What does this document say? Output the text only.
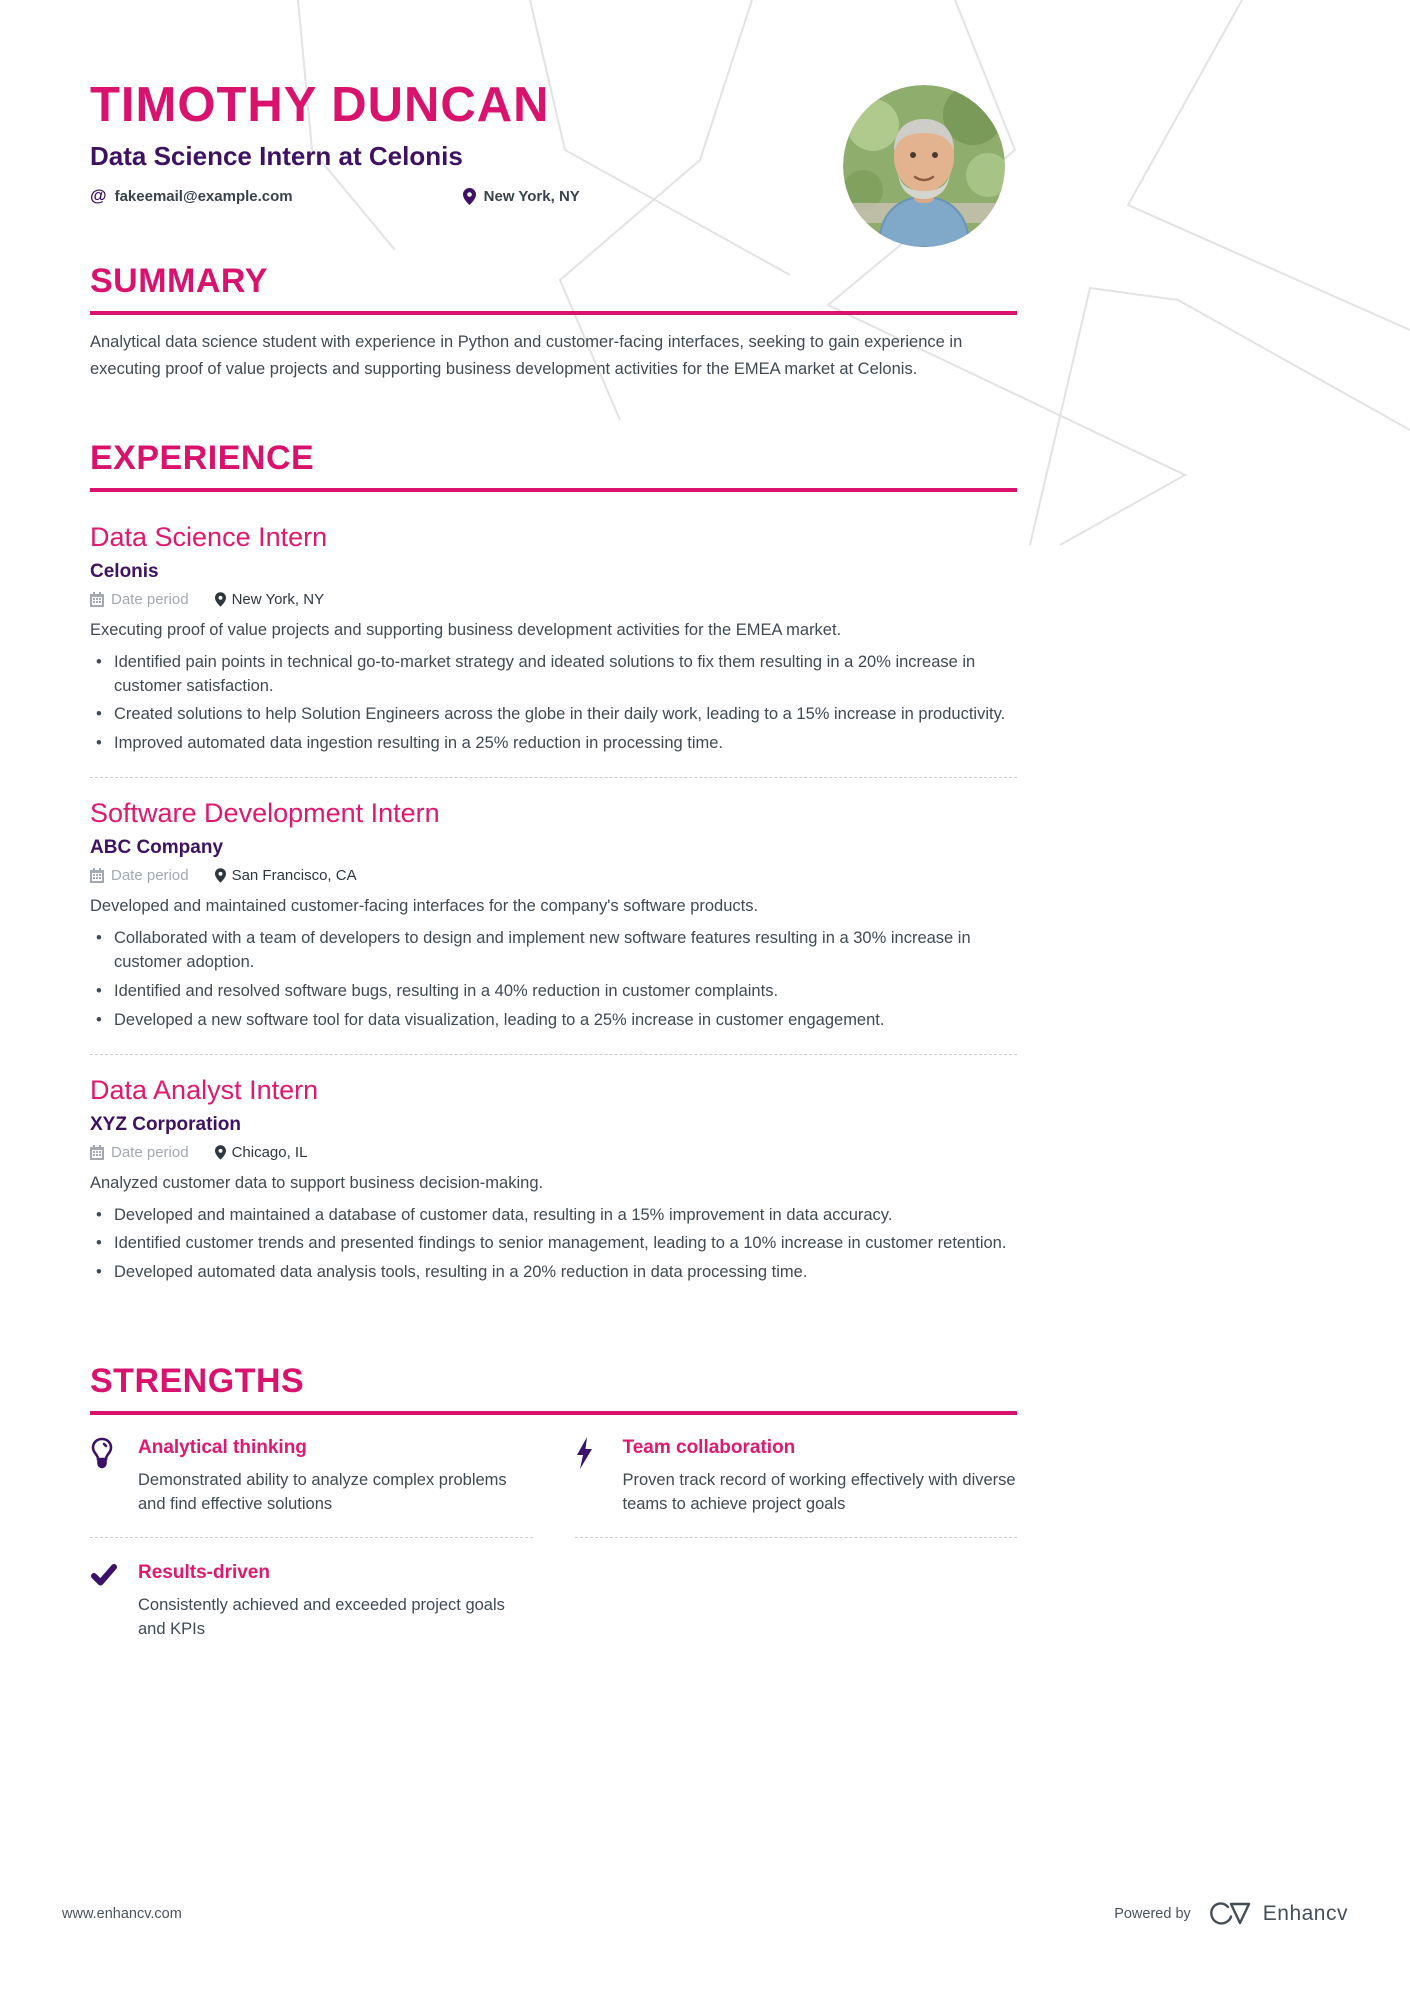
TIMOTHY DUNCAN
Data Science Intern at Celonis
@ fakeemail@example.com	New York, NY
SUMMARY

Analytical data science student with experience in Python and customer-facing interfaces, seeking to gain experience in executing proof of value projects and supporting business development activities for the EMEA market at Celonis.

EXPERIENCE
Data Science Intern
Celonis
Date period	New York, NY

Executing proof of value projects and supporting business development activities for the EMEA market.

• Identified pain points in technical go-to-market strategy and ideated solutions to fix them resulting in a 20% increase in customer satisfaction.
• Created solutions to help Solution Engineers across the globe in their daily work, leading to a 15% increase in productivity.
• Improved automated data ingestion resulting in a 25% reduction in processing time.
Software Development Intern
ABC Company
Date period	San Francisco, CA

Developed and maintained customer-facing interfaces for the company's software products.

• Collaborated with a team of developers to design and implement new software features resulting in a 30% increase in customer adoption.
• Identified and resolved software bugs, resulting in a 40% reduction in customer complaints.
• Developed a new software tool for data visualization, leading to a 25% increase in customer engagement.
Data Analyst Intern
XYZ Corporation
Date period	Chicago, IL

Analyzed customer data to support business decision-making.

• Developed and maintained a database of customer data, resulting in a 15% improvement in data accuracy.
• Identified customer trends and presented findings to senior management, leading to a 10% increase in customer retention.
• Developed automated data analysis tools, resulting in a 20% reduction in data processing time.
STRENGTHS
Analytical thinking
Demonstrated ability to analyze complex problems and find effective solutions
Team collaboration
Proven track record of working effectively with diverse teams to achieve project goals
Results-driven
Consistently achieved and exceeded project goals and KPIs
www.enhancv.com	Powered by	Enhancv
